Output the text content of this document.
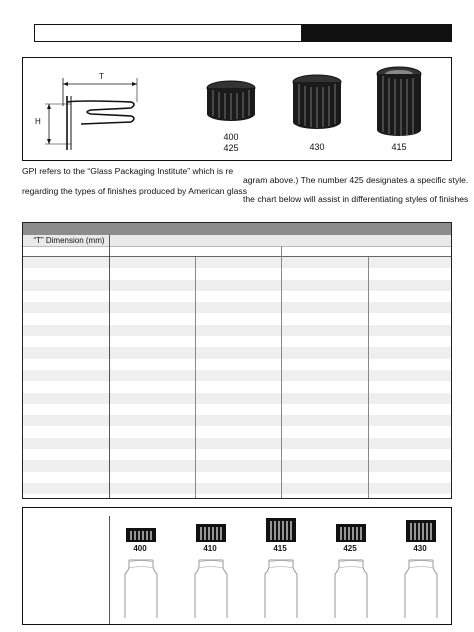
T
H
400
425	430	415
GPI refers to the “Glass Packaging Institute” which is re
regarding the types of finishes produced by American glass
agram above.) The number 425 designates a specific style.
the chart below will assist in differentiating styles of finishes
“T” Dimension (mm)
400	410	415	425	430
